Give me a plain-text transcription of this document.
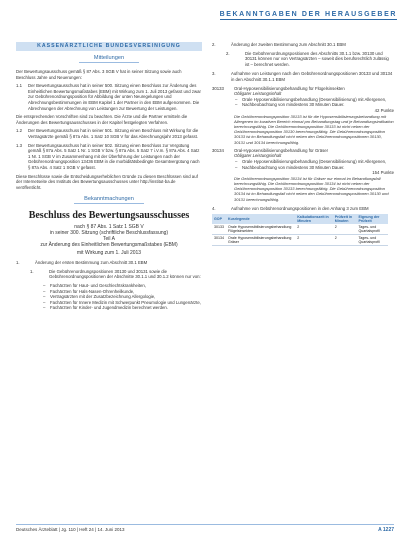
BEKANNTGABEN DER HERAUSGEBER
KASSENÄRZTLICHE BUNDESVEREINIGUNG
Mitteilungen
Der Bewertungsausschuss gemäß § 87 Abs. 3 SGB V hat in seiner Sitzung sowie auch Beschluss Jahre und Neuerungen:
1.1 Der Bewertungsausschuss hat in seiner 500. Sitzung einen Beschluss zur Änderung des Einheitlichen Bewertungsmaßstabes (EBM) mit Wirkung zum 1. Juli 2013 gefasst und zwar zur Gebührenordnungsposition für Abbildung der unten Neuregelungen und Abrechnungsbestimmungen im EBM Kapitel 1 der Partner in den EBM aufgenommen. Die Abrechnungen der Abrechnung von Leistungen zur Bewertung der Leistungen.
Die entsprechenden Vorschriften sind zu beachten. Die Ärzte und die Partner ermitteln die Änderungen des Bewertungsausschusses in der Kapitel festgelegten Verfahren.
1.2 Der Bewertungsausschuss hat in seiner 501. Sitzung einen Beschluss mit Wirkung für die Vertragsärzte gemäß § 87a Abs. 1 Satz 10 SGB V für das Abrechnungsjahr 2013 gefasst.
1.3 Der Bewertungsausschuss hat in seiner 502. Sitzung einen Beschluss zur Vergütung gemäß § 87a Abs. 5 Satz 1 Nr. 1 SGB V bzw. § 87a Abs. 5 Satz 7 i.V.m. § 87a Abs. 4 Satz 1 Nr. 1 SGB V im Zusammenhang mit der Überführung der Leistungen nach der Gebührenordnungsposition 13436 EBM in die morbiditätsbedingte Gesamtvergütung nach § 87a Abs. 4 Satz 1 SGB V gefasst.
Diese Beschlüsse sowie die Entscheidungserheblichen Gründe zu diesen Beschlüssen sind auf der Internetseite des Instituts des Bewertungsausschusses unter http://institut-ba.de veröffentlicht.
Bekanntmachungen
Beschluss des Bewertungsausschusses
nach § 87 Abs. 1 Satz 1 SGB V
in seiner 300. Sitzung (schriftliche Beschlussfassung)
Teil A
zur Änderung des Einheitlichen Bewertungsmaßstabes (EBM)
mit Wirkung zum 1. Juli 2013
1.	Änderung der ersten Bestimmung zum Abschnitt 30.1 EBM
1.	Die Gebührenordnungspositionen 30130 und 30131 sowie die Gebührenordnungspositionen der Abschnitte 30.1.1 und 30.1.2 können nur von:
– Fachärzten für Haut- und Geschlechtskrankheiten,
– Fachärzten für Hals-Nasen-Ohrenheilkunde,
– Vertragsärzten mit der Zusatzbezeichnung Allergologie,
– Fachärzten für Innere Medizin mit Schwerpunkt Pneumologie und Lungenärzte,
– Fachärzten für Kinder- und Jugendmedizin berechnet werden.
2.	Änderung der zweiten Bestimmung zum Abschnitt 30.1 EBM
2.	Die Gebührenordnungspositionen des Abschnitts 30.1.1 bzw. 30130 und 30131 können nur von Vertragsärzten – soweit dies berufsrechtlich zulässig ist – berechnet werden.
3.	Aufnahme von Leistungen nach den Gebührenordnungspositionen 30133 und 30134 in den Abschnitt 30.1.1 EBM
30133	Oral-Hyposensibilisierungsbehandlung für Flügelsinsekten
Obligater Leistungsinhalt
– Orale Hyposensibilisierungsbehandlung (Desensibilisierung) mit Allergenen,
– Nachbeobachtung von mindestens 30 Minuten Dauer.
42 Punkte
Die Gebührenordnungsposition 30133 ist für die Hyposensibilisierungsbehandlung mit Allergenen im kurativen Bereich einmal pro Behandlungstag und je Behandlungsindikation berechnungsfähig. Die Gebührenordnungsposition 30133 ist nicht neben der Gebührenordnungsposition 30130 berechnungsfähig. Die Gebührenordnungsposition 30133 ist im Behandlungsfall nicht neben den Gebührenordnungspositionen 30130, 30131 und 30134 berechnungsfähig.
30134	Oral-Hyposensibilisierungsbehandlung für Gräser
Obligater Leistungsinhalt
– Orale Hyposensibilisierungsbehandlung (Desensibilisierung) mit Allergenen,
– Nachbeobachtung von mindestens 30 Minuten Dauer.
154 Punkte
Die Gebührenordnungsposition 30134 ist für Gräser nur einmal im Behandlungsfall berechnungsfähig. Die Gebührenordnungsposition 30134 ist nicht neben der Gebührenordnungsposition 30133 berechnungsfähig. Die Gebührenordnungsposition 30134 ist im Behandlungsfall nicht neben den Gebührenordnungspositionen 30130 und 30131 berechnungsfähig.
4.	Aufnahme von Gebührenordnungspositionen in den Anhang 3 zum EBM
GOP	Kurzlegende	Kalkulationszeit in Minuten	Prüfzeit in Minuten	Eignung der Prüfzeit
30133	Orale Hyposensibilisierungsbehandlung Flügelsinsekten	2	2	Tages- und Quartalsprofil
30134	Orale Hyposensibilisierungsbehandlung Gräser	2	2	Tages- und Quartalsprofil
Deutsches Ärzteblatt | Jg. 110 | Heft 24 | 14. Juni 2013	A 1227
